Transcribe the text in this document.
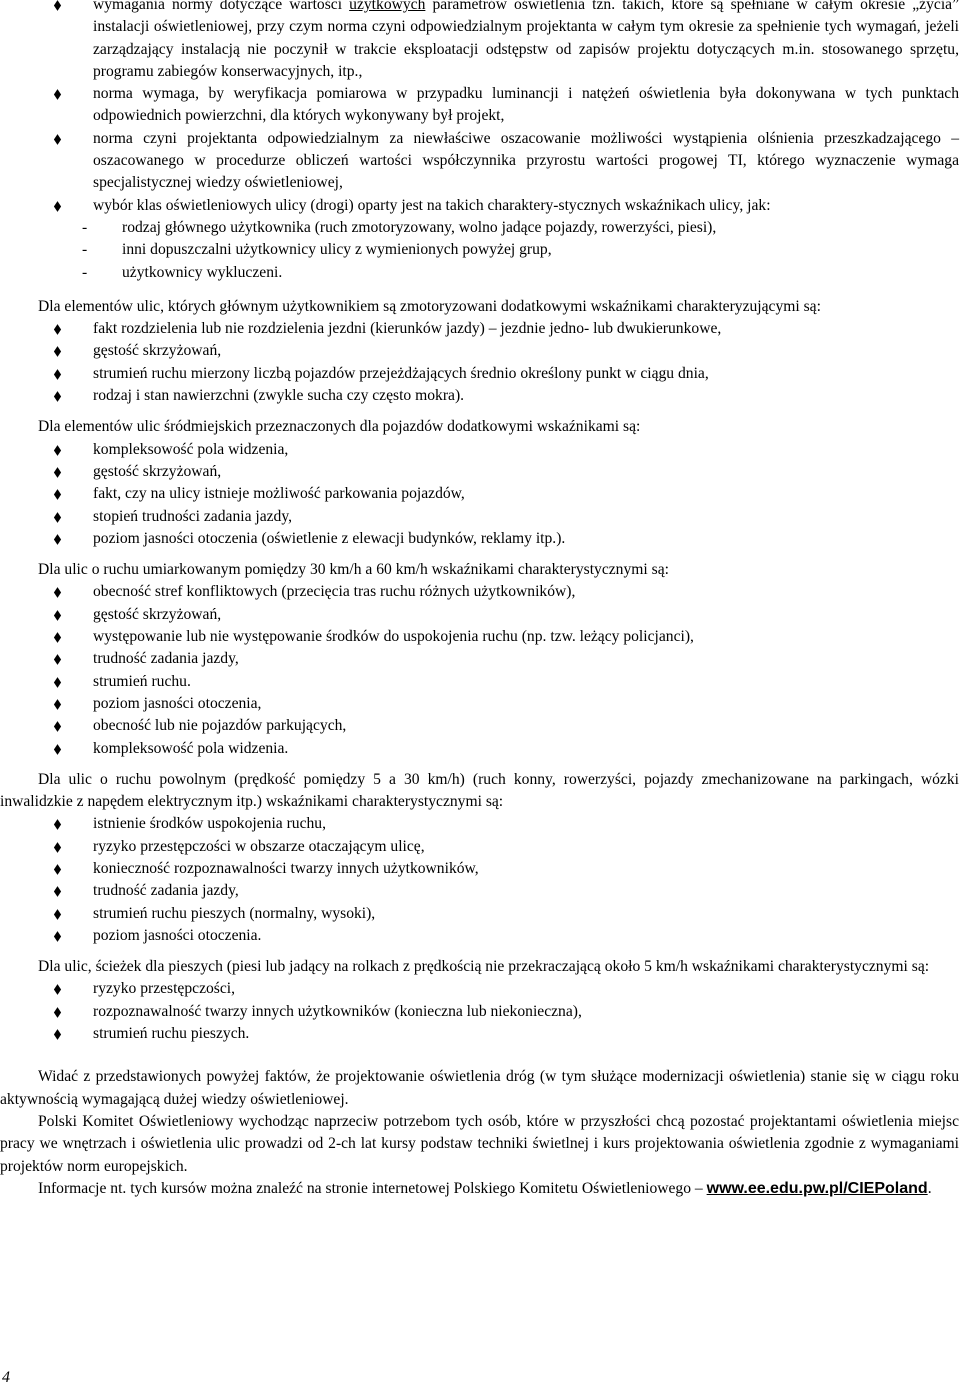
wymagania normy dotyczące wartości użytkowych parametrów oświetlenia tzn. takich, które są spełniane w całym okresie „życia” instalacji oświetleniowej, przy czym norma czyni odpowiedzialnym projektanta w całym tym okresie za spełnienie tych wymagań, jeżeli zarządzający instalacją nie poczynił w trakcie eksploatacji odstępstw od zapisów projektu dotyczących m.in. stosowanego sprzętu, programu zabiegów konserwacyjnych, itp.,
norma wymaga, by weryfikacja pomiarowa w przypadku luminancji i natężeń oświetlenia była dokonywana w tych punktach odpowiednich powierzchni, dla których wykonywany był projekt,
norma czyni projektanta odpowiedzialnym za niewłaściwe oszacowanie możliwości wystąpienia olśnienia przeszkadzającego – oszacowanego w procedurze obliczeń wartości współczynnika przyrostu wartości progowej TI, którego wyznaczenie wymaga specjalistycznej wiedzy oświetleniowej,
wybór klas oświetleniowych ulicy (drogi) oparty jest na takich charaktery-stycznych wskaźnikach ulicy, jak:
- rodzaj głównego użytkownika (ruch zmotoryzowany, wolno jadące pojazdy, rowerzyści, piesi),
- inni dopuszczalni użytkownicy ulicy z wymienionych powyżej grup,
- użytkownicy wykluczeni.

Dla elementów ulic, których głównym użytkownikiem są zmotoryzowani dodatkowymi wskaźnikami charakteryzującymi są:

fakt rozdzielenia lub nie rozdzielenia jezdni (kierunków jazdy) – jezdnie jedno- lub dwukierunkowe,
gęstość skrzyżowań,
strumień ruchu mierzony liczbą pojazdów przejeżdżających średnio określony punkt w ciągu dnia,
rodzaj i stan nawierzchni (zwykle sucha czy często mokra).

Dla elementów ulic śródmiejskich przeznaczonych dla pojazdów dodatkowymi wskaźnikami są:

kompleksowość pola widzenia,
gęstość skrzyżowań,
fakt, czy na ulicy istnieje możliwość parkowania pojazdów,
stopień trudności zadania jazdy,
poziom jasności otoczenia (oświetlenie z elewacji budynków, reklamy itp.).

Dla ulic o ruchu umiarkowanym pomiędzy 30 km/h a 60 km/h wskaźnikami charakterystycznymi są:

obecność stref konfliktowych (przecięcia tras ruchu różnych użytkowników),
gęstość skrzyżowań,
występowanie lub nie występowanie środków do uspokojenia ruchu (np. tzw. leżący policjanci),
trudność zadania jazdy,
strumień ruchu.
poziom jasności otoczenia,
obecność lub nie pojazdów parkujących,
kompleksowość pola widzenia.

Dla ulic o ruchu powolnym (prędkość pomiędzy 5 a 30 km/h) (ruch konny, rowerzyści, pojazdy zmechanizowane na parkingach, wózki inwalidzkie z napędem elektrycznym itp.) wskaźnikami charakterystycznymi są:

istnienie środków uspokojenia ruchu,
ryzyko przestępczości w obszarze otaczającym ulicę,
konieczność rozpoznawalności twarzy innych użytkowników,
trudność zadania jazdy,
strumień ruchu pieszych (normalny, wysoki),
poziom jasności otoczenia.

Dla ulic, ścieżek dla pieszych (piesi lub jadący na rolkach z prędkością nie przekraczającą około 5 km/h wskaźnikami charakterystycznymi są:

ryzyko przestępczości,
rozpoznawalność twarzy innych użytkowników (konieczna lub niekonieczna),
strumień ruchu pieszych.

Widać z przedstawionych powyżej faktów, że projektowanie oświetlenia dróg (w tym służące modernizacji oświetlenia) stanie się w ciągu roku aktywnością wymagającą dużej wiedzy oświetleniowej.

Polski Komitet Oświetleniowy wychodząc naprzeciw potrzebom tych osób, które w przyszłości chcą pozostać projektantami oświetlenia miejsc pracy we wnętrzach i oświetlenia ulic prowadzi od 2-ch lat kursy podstaw techniki świetlnej i kurs projektowania oświetlenia zgodnie z wymaganiami projektów norm europejskich.

Informacje nt. tych kursów można znaleźć na stronie internetowej Polskiego Komitetu Oświetleniowego – www.ee.edu.pw.pl/CIEPoland.

4
